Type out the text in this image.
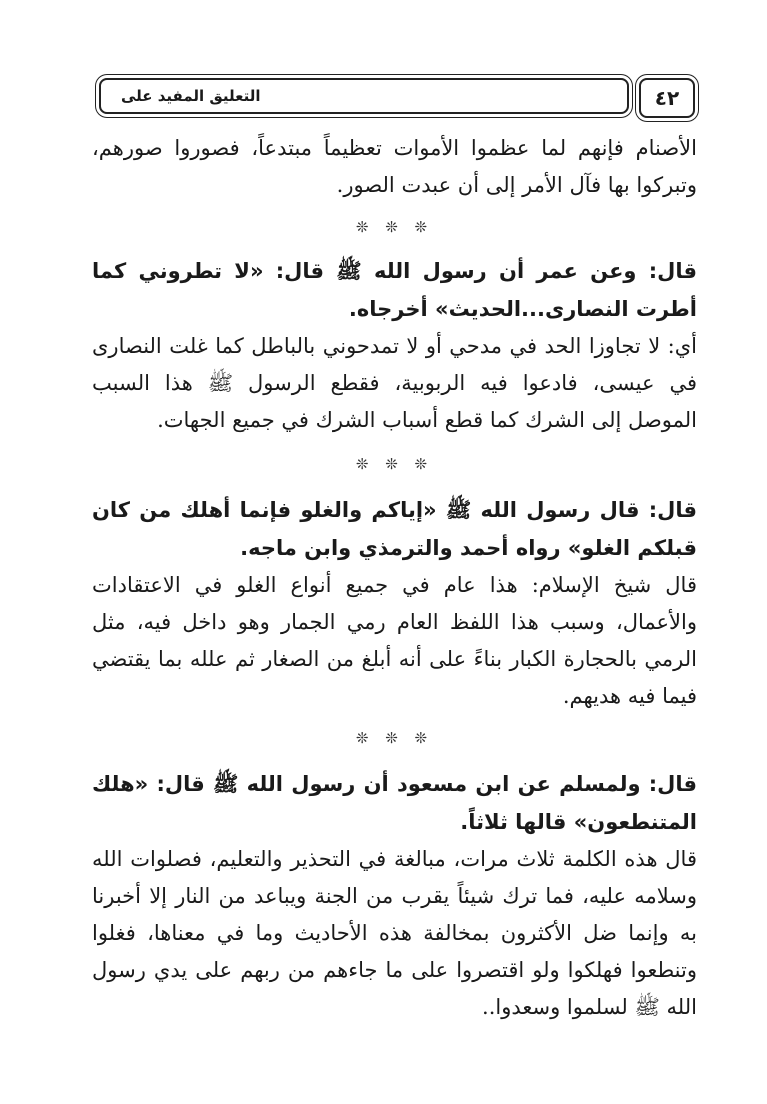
٤٢
التعليق المفيد على

الأصنام فإنهم لما عظموا الأموات تعظيماً مبتدعاً، فصوروا صورهم، وتبركوا بها فآل الأمر إلى أن عبدت الصور.

❊ ❊ ❊

قال: وعن عمر أن رسول الله ﷺ قال: «لا تطروني كما أطرت النصارى...الحديث» أخرجاه.

أي: لا تجاوزا الحد في مدحي أو لا تمدحوني بالباطل كما غلت النصارى في عيسى، فادعوا فيه الربوبية، فقطع الرسول ﷺ هذا السبب الموصل إلى الشرك كما قطع أسباب الشرك في جميع الجهات.

❊ ❊ ❊

قال: قال رسول الله ﷺ «إياكم والغلو فإنما أهلك من كان قبلكم الغلو» رواه أحمد والترمذي وابن ماجه.

قال شيخ الإسلام: هذا عام في جميع أنواع الغلو في الاعتقادات والأعمال، وسبب هذا اللفظ العام رمي الجمار وهو داخل فيه، مثل الرمي بالحجارة الكبار بناءً على أنه أبلغ من الصغار ثم علله بما يقتضي فيما فيه هديهم.

❊ ❊ ❊

قال: ولمسلم عن ابن مسعود أن رسول الله ﷺ قال: «هلك المتنطعون» قالها ثلاثاً.

قال هذه الكلمة ثلاث مرات، مبالغة في التحذير والتعليم، فصلوات الله وسلامه عليه، فما ترك شيئاً يقرب من الجنة ويباعد من النار إلا أخبرنا به وإنما ضل الأكثرون بمخالفة هذه الأحاديث وما في معناها، فغلوا وتنطعوا فهلكوا ولو اقتصروا على ما جاءهم من ربهم على يدي رسول الله ﷺ لسلموا وسعدوا..
